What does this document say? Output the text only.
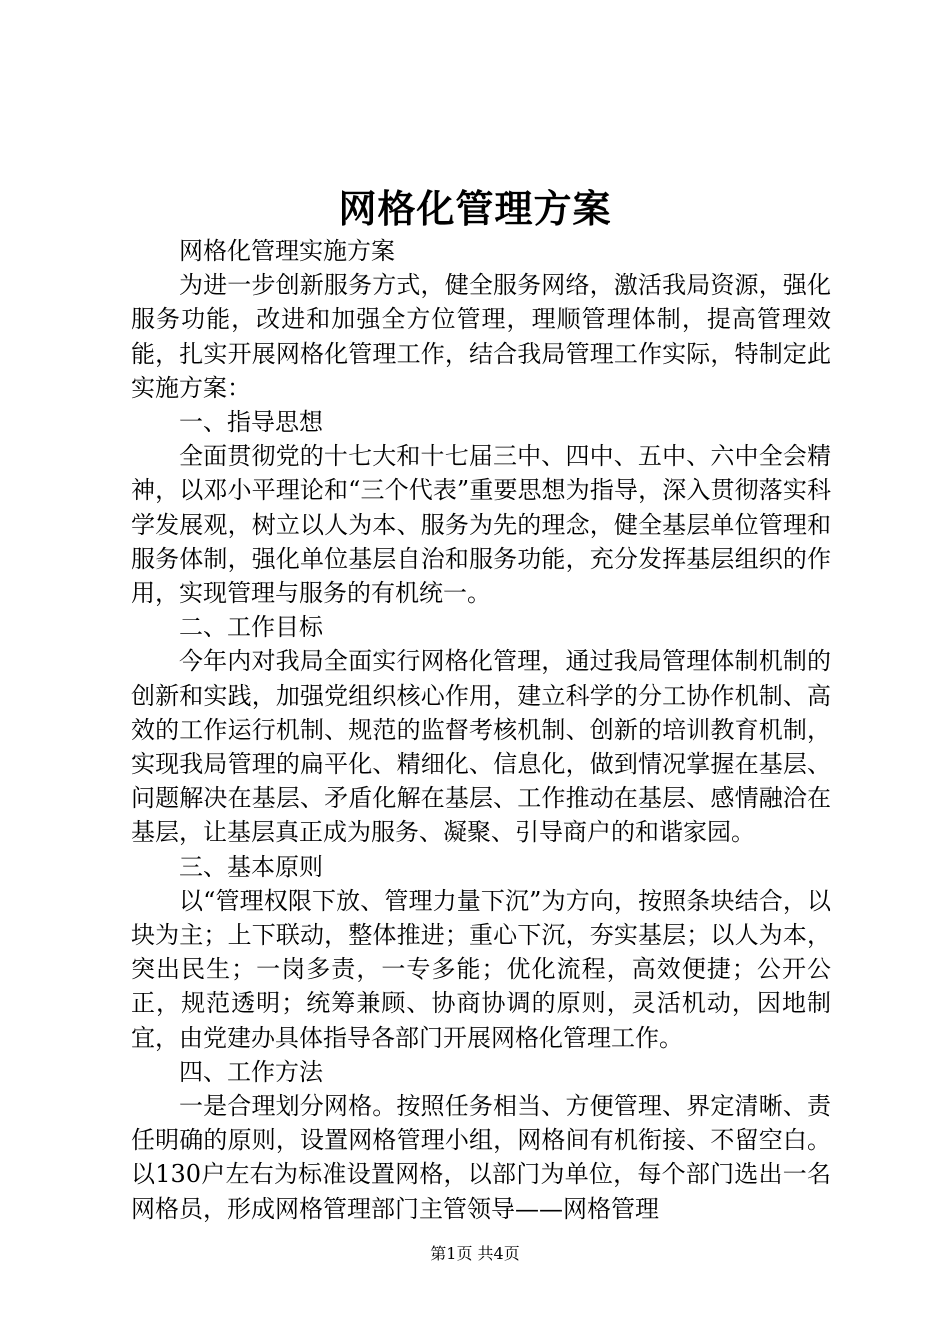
网格化管理方案

网格化管理实施方案

为进一步创新服务方式，健全服务网络，激活我局资源，强化服务功能，改进和加强全方位管理，理顺管理体制，提高管理效能，扎实开展网格化管理工作，结合我局管理工作实际，特制定此实施方案：

一、指导思想

全面贯彻党的十七大和十七届三中、四中、五中、六中全会精神，以邓小平理论和“三个代表”重要思想为指导，深入贯彻落实科学发展观，树立以人为本、服务为先的理念，健全基层单位管理和服务体制，强化单位基层自治和服务功能，充分发挥基层组织的作用，实现管理与服务的有机统一。

二、工作目标

今年内对我局全面实行网格化管理，通过我局管理体制机制的创新和实践，加强党组织核心作用，建立科学的分工协作机制、高效的工作运行机制、规范的监督考核机制、创新的培训教育机制，实现我局管理的扁平化、精细化、信息化，做到情况掌握在基层、问题解决在基层、矛盾化解在基层、工作推动在基层、感情融洽在基层，让基层真正成为服务、凝聚、引导商户的和谐家园。

三、基本原则

以“管理权限下放、管理力量下沉”为方向，按照条块结合，以块为主；上下联动，整体推进；重心下沉，夯实基层；以人为本，突出民生；一岗多责，一专多能；优化流程，高效便捷；公开公正，规范透明；统筹兼顾、协商协调的原则，灵活机动，因地制宜，由党建办具体指导各部门开展网格化管理工作。

四、工作方法

一是合理划分网格。按照任务相当、方便管理、界定清晰、责任明确的原则，设置网格管理小组，网格间有机衔接、不留空白。以130户左右为标准设置网格，以部门为单位，每个部门选出一名网格员，形成网格管理部门主管领导——网格管理

第1页 共4页
